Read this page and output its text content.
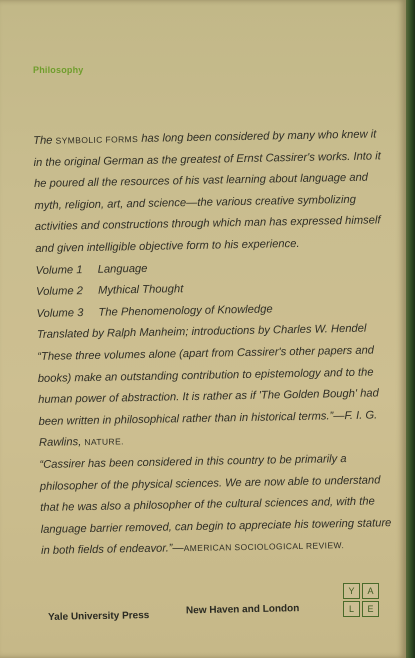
Philosophy

The SYMBOLIC FORMS has long been considered by many who knew it in the original German as the greatest of Ernst Cassirer's works. Into it he poured all the resources of his vast learning about language and myth, religion, art, and science—the various creative symbolizing activities and constructions through which man has expressed himself and given intelligible objective form to his experience.

Volume 1 Language

Volume 2 Mythical Thought

Volume 3 The Phenomenology of Knowledge

Translated by Ralph Manheim; introductions by Charles W. Hendel

“These three volumes alone (apart from Cassirer's other papers and books) make an outstanding contribution to epistemology and to the human power of abstraction. It is rather as if 'The Golden Bough' had been written in philosophical rather than in historical terms.”—F. I. G. Rawlins, NATURE.

“Cassirer has been considered in this country to be primarily a philosopher of the physical sciences. We are now able to understand that he was also a philosopher of the cultural sciences and, with the language barrier removed, can begin to appreciate his towering stature in both fields of endeavor.”—AMERICAN SOCIOLOGICAL REVIEW.

Y	A
L	E
Yale University Press
New Haven and London
